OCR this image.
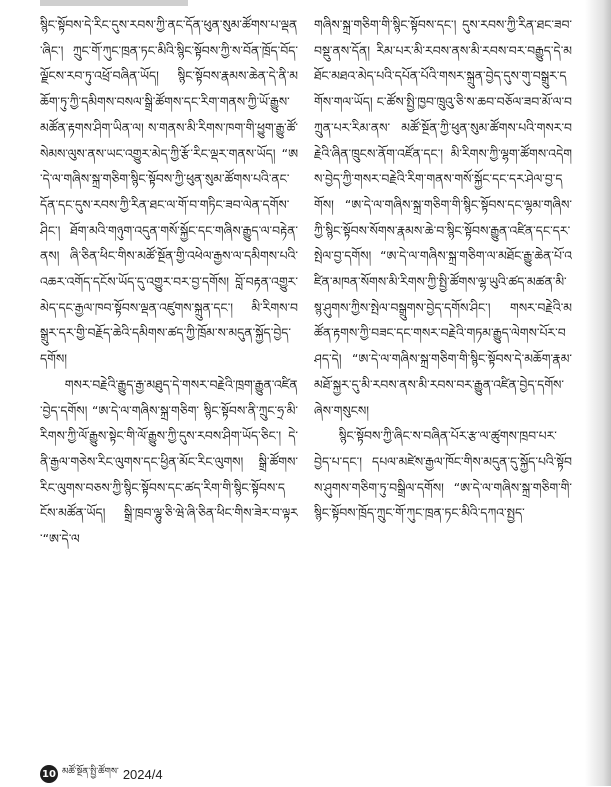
སྙིང་སྟོབས་དེ་རིང་དུས་རབས་ཀྱི་ནང་དོན་ཕུན་སུམ་ཚོགས་པ་ལྡན་ཞིང་། ཀྲུང་གོ་ཀུང་ཁྲན་ཏང་མིའི་སྙིང་སྟོབས་ཀྱི་ས་བོན་ཁྲོད་བོད་ལྗོངས་རབ་ཏུ་འཕྲོ་བཞིན་ཡོད། སྙིང་སྟོབས་རྣམས་ཆེན་དེ་ནི་མཆོག་ཏུ་ཀྱི་དམིགས་བསལ་སྒྲི་ཚོགས་དང་རིག་གནས་ཀྱི་ཡོ་རྒྱུས་མཚོན་རྟགས་ཤིག་ཡིན་ལ། ས་གནས་མི་རིགས་ཁག་གི་ཕྱུག་རྒྱུ་ཚོ་སེམས་ལུས་ནས་ཡང་འགྱུར་མེད་ཀྱི་རྩོ་རིང་ལྡར་གནས་ཡོད། “ཨ་དེ་ལ་གཞིས་སྐྲ་གཅིག་སྙིང་སྟོབས་ཀྱི་ཕུན་སུམ་ཚོགས་པའི་ནང་དོན་དང་དུས་རབས་ཀྱི་རིན་ཐང་ལ་གོ་བ་གཏིང་ཟབ་ལེན་དགོས་ཤིང་། ཐོག་མའི་གཉུག་འདུན་གསོ་སྐྱོང་དང་གཞིས་རྒྱུད་ལ་བརྟེན་ནས། ཞི་ཅིན་ཕིང་གིས་མཚོ་སྔོན་གྱི་འཕེལ་རྒྱས་ལ་དམིགས་པའི་འཆར་འགོད་དངོས་ཡོད་དུ་འགྱུར་བར་བྱ་དགོས། བློ་བརྟན་འགྱུར་མེད་དང་རྒྱལ་ཁབ་སྟོབས་ལྡན་འཛུགས་སྐྲུན་དང་། མི་རིགས་བསྒྲུར་དར་གྱི་བརྗོད་ཆེའི་དམིགས་ཚད་ཀྱི་ཁྲོམ་ས་མདུན་སྐྱོད་བྱེད་དགོས།

གསར་བརྗེའི་རྒྱུད་རྒྱ་མཐུད་དེ་གསར་བརྗེའི་ཁྲག་རྒྱུན་འཛིན་བྱེད་དགོས། “ཨ་དེ་ལ་གཞིས་སྐྲ་གཅིག་ སྙིང་སྟོབས་ནི་ཀྲུང་ཧྲ་མི་རིགས་ཀྱི་ལོ་རྒྱུས་སྟེང་གི་ལོ་རྒྱུས་ཀྱི་དུས་རབས་ཤིག་ཡོད་ཅིང་། དེ་ནི་རྒྱལ་གཅེས་རིང་ལུགས་དང་ཕྱིན་མོང་རིང་ལུགས། སྒྲི་ཚོགས་རིང་ལུགས་བཅས་ཀྱི་སྙིང་སྟོབས་དང་ཚད་རིག་གི་སྙིང་སྟོབས་དངོས་མཚོན་ཡོད། སྒྲི་ཁྲབ་ལྷུ་ཅི་ཝེ་ཞི་ཅིན་ཕིང་གིས་ཟེར་བ་ལྟར་“ཨ་དེ་ལ

གཞིས་སྐྲ་གཅིག་གི་སྙིང་སྟོབས་དང་། དུས་རབས་ཀྱི་རིན་ཐང་ཟབ་བསྡུ་ནས་དོན། རིམ་པར་མི་རབས་ནས་མི་རབས་བར་བརྒྱུད་དེ་མཐོང་མཐའ་མེད་པའི་དཔོན་པོའི་གསར་སྐྲུན་བྱེད་དུས་གུ་བསྒྲུར་དགོས་གལ་ཡོད། ང་ཚོས་སྤྱི་ཁྱབ་ཁྲུའུ་ཅི་ས་ཆབ་བཅོལ་ཟབ་མོ་ལ་བཀྲུན་པར་རིམ་ནས་ མཚོ་སྔོན་ཀྱི་ཕུན་སུམ་ཚོགས་པའི་གསར་བརྗེའི་ཞིན་ཁྲུངས་ནོག་འཛོན་དང་། མི་རིགས་ཀྱི་ལྷག་ཚོགས་འདེགས་བྱེད་ཀྱི་གསར་བརྗེའི་རིག་གནས་གསོ་སྐྱོང་དང་དར་ཤེལ་བྱ་དགོས། “ཨ་དེ་ལ་གཞིས་སྐྲ་གཅིག་གི་སྙིང་སྟོབས་དང་ལྷམ་གཞིས་ཀྱི་སྙིང་སྟོབས་སོགས་རྣམས་ཆེ་བ་སྙིང་སྟོབས་རྒྱུན་འཛིན་དང་དར་སྤེལ་བྱ་དགོས། “ཨ་དེ་ལ་གཞིས་སྐྲ་གཅིག་ལ་མཐོང་རྒྱུ་ཆེན་པོ་འཛིན་མཁན་སོགས་མི་རིགས་ཀྱི་སྤྱི་ཚོགས་ལྷ་ཡུའི་ཚད་མཚན་མི་སྙ་ཤུགས་ཀྱིས་སྤེལ་བསྒྲུགས་བྱེད་དགོས་ཤིང་། གསར་བརྗེའི་མཚོན་རྟགས་ཀྱི་བཟང་དང་གསར་བརྗེའི་གཏམ་རྒྱུད་ལེགས་པོར་བཤད་དེ། “ཨ་དེ་ལ་གཞིས་སྐྲ་གཅིག་གི་སྙིང་སྟོབས་དེ་མཆོག་རྣམ་མཐོ་སྐྱར་དུ་མི་རབས་ནས་མི་རབས་བར་རྒྱུན་འཛིན་བྱེད་དགོས་ཞེས་གསུངས།

སྙིང་སྟོབས་ཀྱི་ཞིང་ས་བཞིན་པོར་རྩ་ལ་ཚུགས་ཁྲབ་པར་བྱེད་པ་དང་། དཔལ་མཛེས་རྒྱལ་ཁོང་གིས་མདུན་དུ་སྐྱོད་པའི་སྟོབས་ཤུགས་གཅིག་ཏུ་བསྒྲིལ་དགོས། “ཨ་དེ་ལ་གཞིས་སྐྲ་གཅིག་གི་སྙིང་སྟོབས་ཁྲོད་ཀྲུང་གོ་ཀུང་ཁྲན་ཏང་མིའི་དཀའ་སྤྱད་

10 མཚོ་སྔོན་སྤྱི་ཚོགས་ 2024/4
